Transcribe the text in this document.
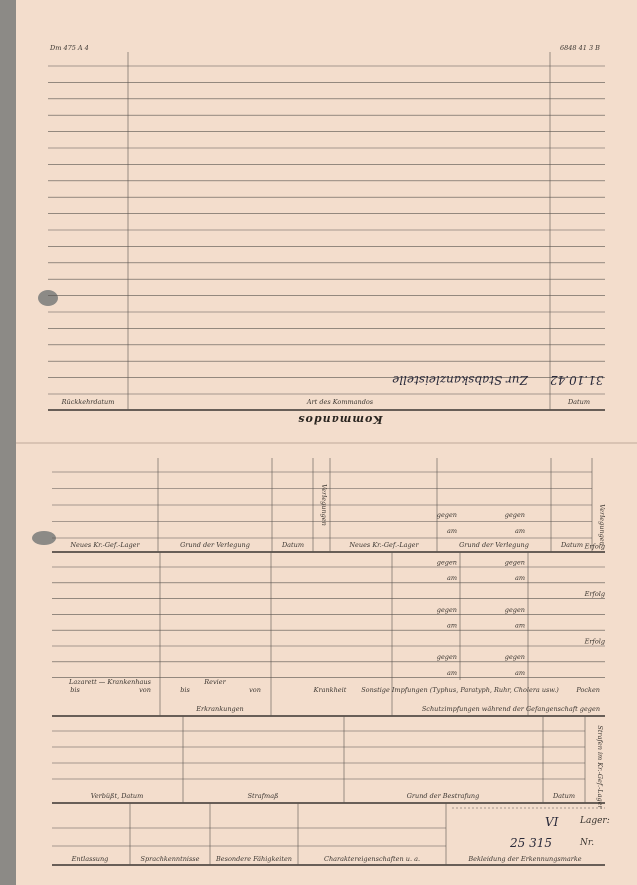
Dm 475 A 4	6848 41 3 B
Datum
Art des Kommandos
Rückkehrdatum
31.10.42
Zur Stabskanzleistelle
Kommandos
Verlegungen
Verlegungen
Datum
Grund der Verlegung
Neues Kr.-Gef.-Lager
Datum
Grund der Verlegung
Neues Kr.-Gef.-Lager
am
am
gegen
gegen
Erfolg
am
am
gegen
gegen
Erfolg
am
am
gegen
gegen
Erfolg
am
am
gegen
gegen
Schutzimpfungen während der Gefangenschaft gegen
Pocken
Sonstige Impfungen (Typhus, Paratyph, Ruhr, Cholera usw.)
Erkrankungen
Krankheit
Revier
von
bis
Lazarett — Krankenhaus
von
bis
Strafen im Kr.-Gef.-Lager
Datum
Grund der Bestrafung
Strafmaß
Verbüßt, Datum
Bekleidung der Erkennungsmarke
Charaktereigenschaften u. a.
Besondere Fähigkeiten
Sprachkenntnisse
Entlassung
Lager:
VI
Nr.
25 315
